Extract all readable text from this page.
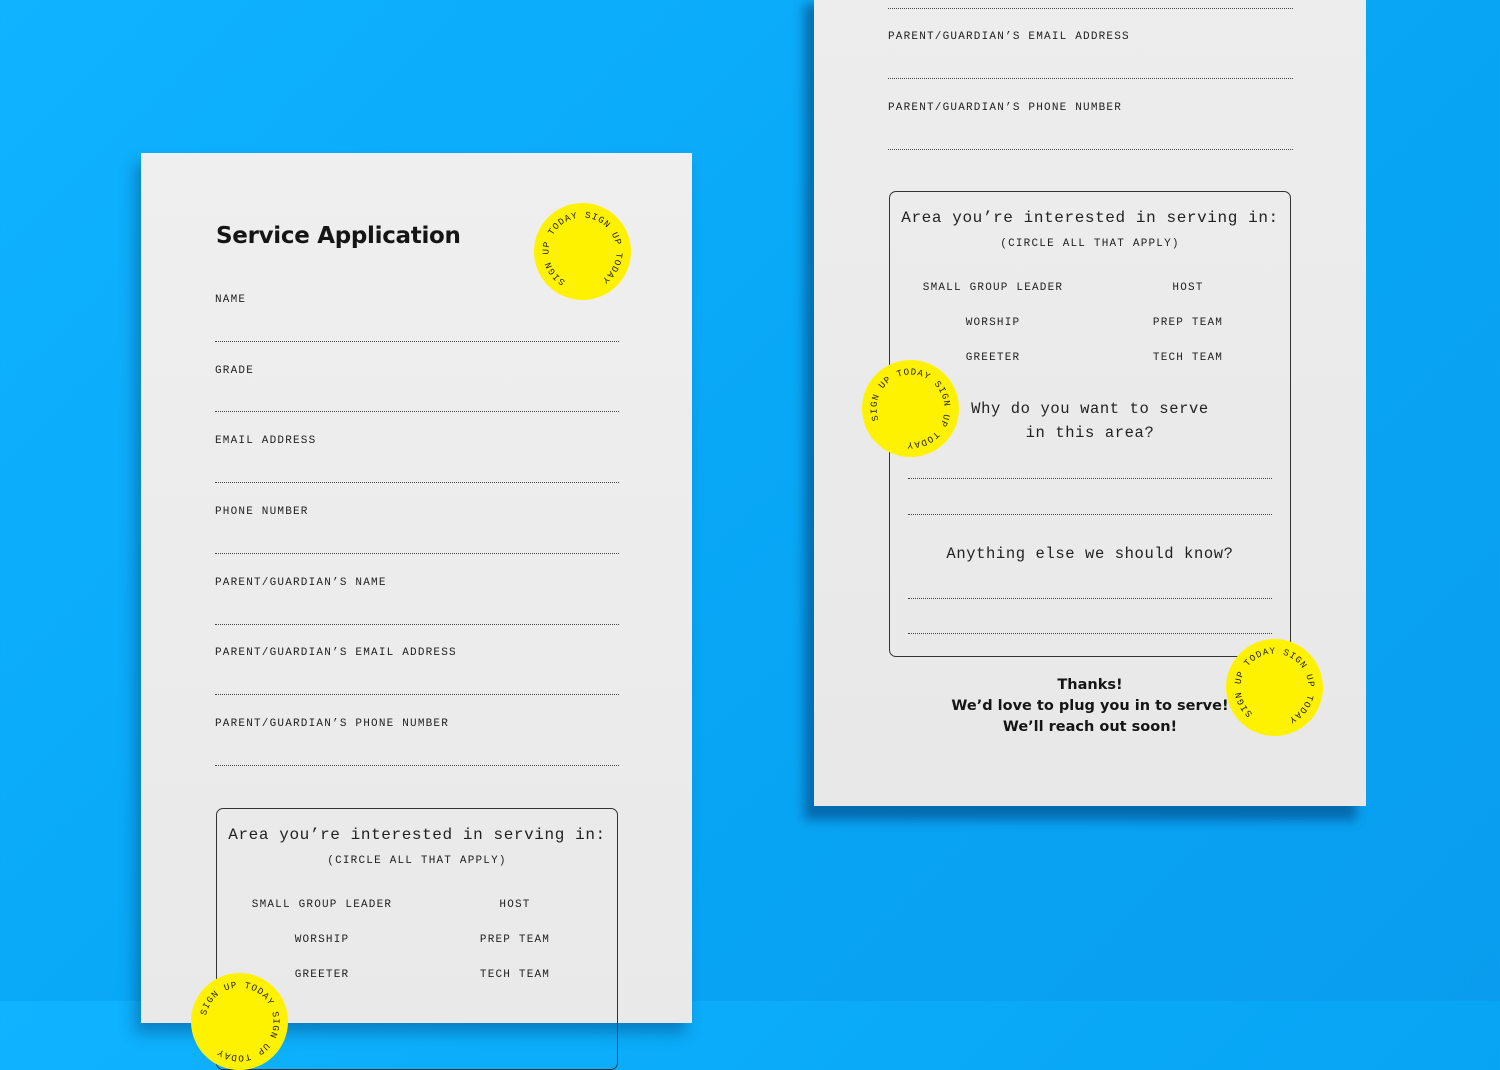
Service Application
NAME
GRADE
EMAIL ADDRESS
PHONE NUMBER
PARENT/GUARDIAN’S NAME
PARENT/GUARDIAN’S EMAIL ADDRESS
PARENT/GUARDIAN’S PHONE NUMBER
Area you’re interested in serving in:
(CIRCLE ALL THAT APPLY)
SMALL GROUP LEADER	HOST
WORSHIP	PREP TEAM
GREETER	TECH TEAM
SIGN UP TODAY SIGN UP TODAY
SIGN UP TODAY SIGN UP TODAY
PARENT/GUARDIAN’S EMAIL ADDRESS
PARENT/GUARDIAN’S PHONE NUMBER
Area you’re interested in serving in:
(CIRCLE ALL THAT APPLY)
SMALL GROUP LEADER	HOST
WORSHIP	PREP TEAM
GREETER	TECH TEAM
Why do you want to serve
in this area?
Anything else we should know?
Thanks!
We’d love to plug you in to serve!
We’ll reach out soon!
SIGN UP TODAY SIGN UP TODAY
SIGN UP TODAY SIGN UP TODAY
